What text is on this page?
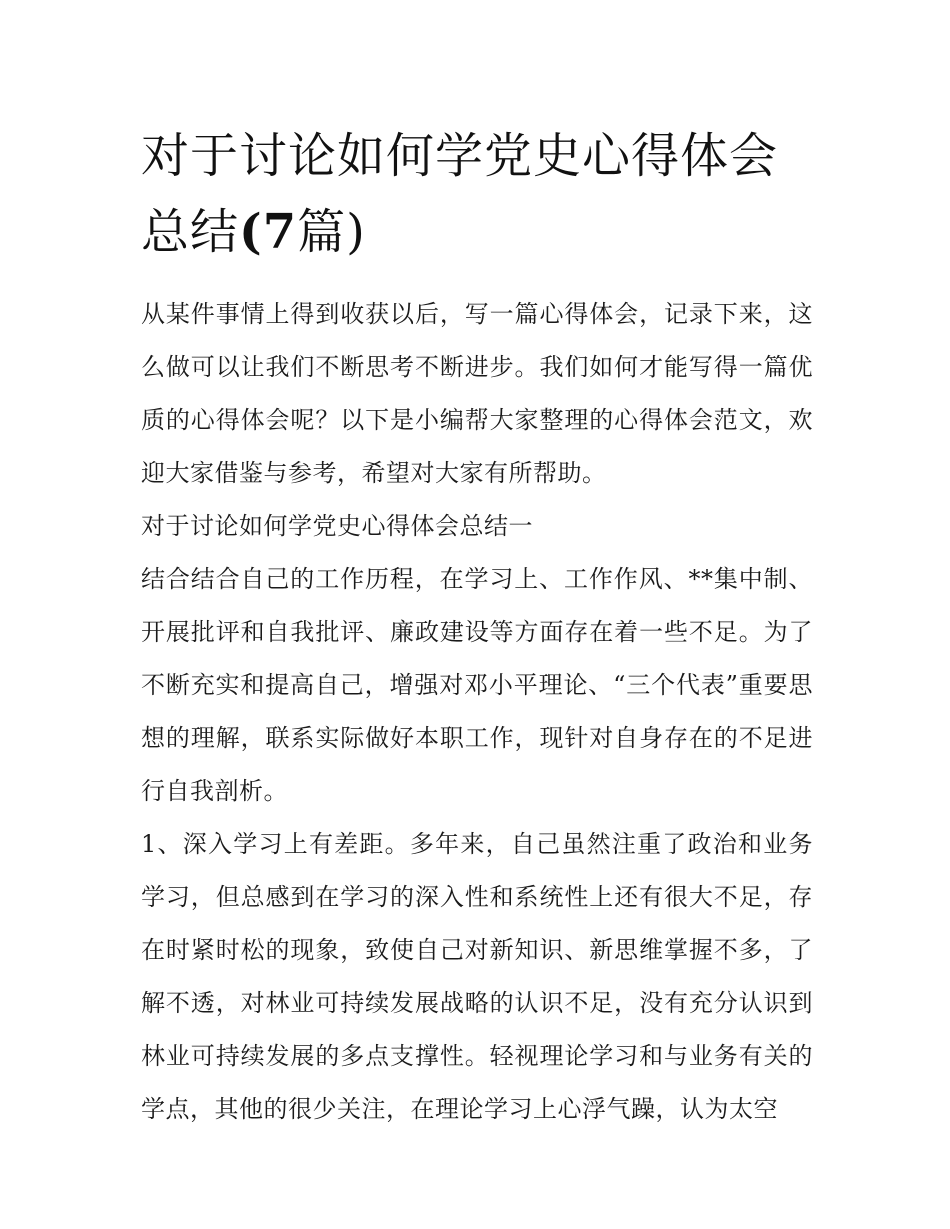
对于讨论如何学党史心得体会
总结(7篇)

从某件事情上得到收获以后，写一篇心得体会，记录下来，这么做可以让我们不断思考不断进步。我们如何才能写得一篇优质的心得体会呢？以下是小编帮大家整理的心得体会范文，欢迎大家借鉴与参考，希望对大家有所帮助。

对于讨论如何学党史心得体会总结一

结合结合自己的工作历程，在学习上、工作作风、**集中制、开展批评和自我批评、廉政建设等方面存在着一些不足。为了不断充实和提高自己，增强对邓小平理论、“三个代表”重要思想的理解，联系实际做好本职工作，现针对自身存在的不足进行自我剖析。

1、深入学习上有差距。多年来，自己虽然注重了政治和业务学习，但总感到在学习的深入性和系统性上还有很大不足，存在时紧时松的现象，致使自己对新知识、新思维掌握不多，了解不透，对林业可持续发展战略的认识不足，没有充分认识到林业可持续发展的多点支撑性。轻视理论学习和与业务有关的学点，其他的很少关注，在理论学习上心浮气躁，认为太空
